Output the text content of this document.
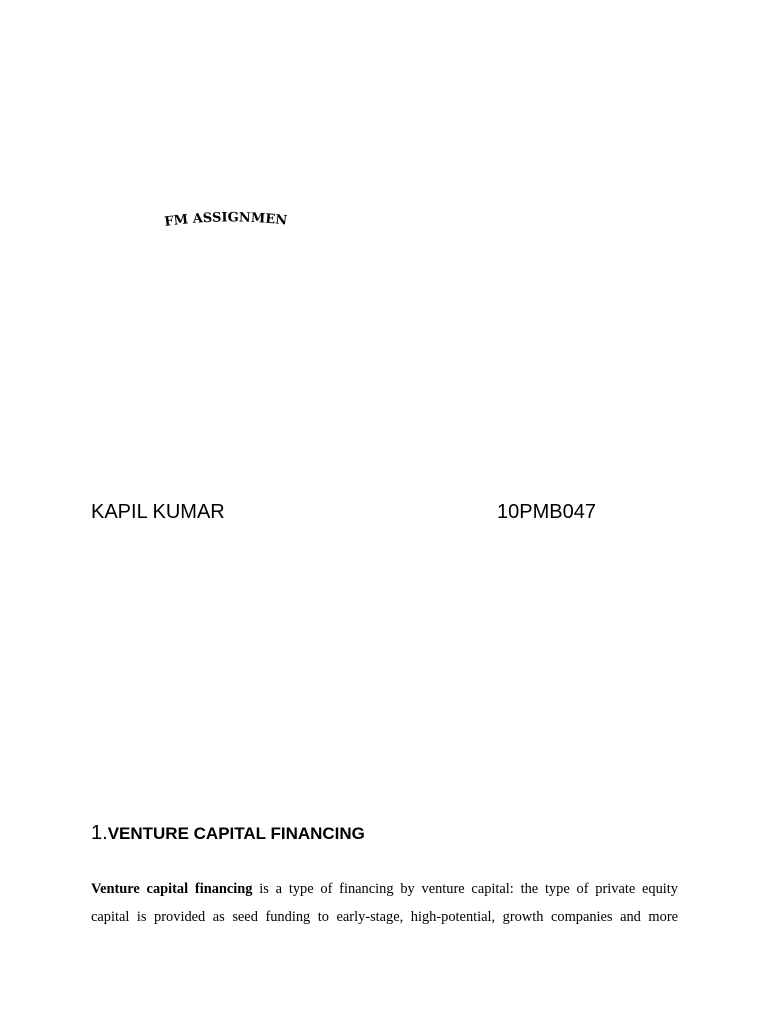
FM ASSIGNMENT
KAPIL KUMAR	10PMB047
1.VENTURE CAPITAL FINANCING

Venture capital financing is a type of financing by venture capital: the type of private equity
capital is provided as seed funding to early-stage, high-potential, growth companies and more
